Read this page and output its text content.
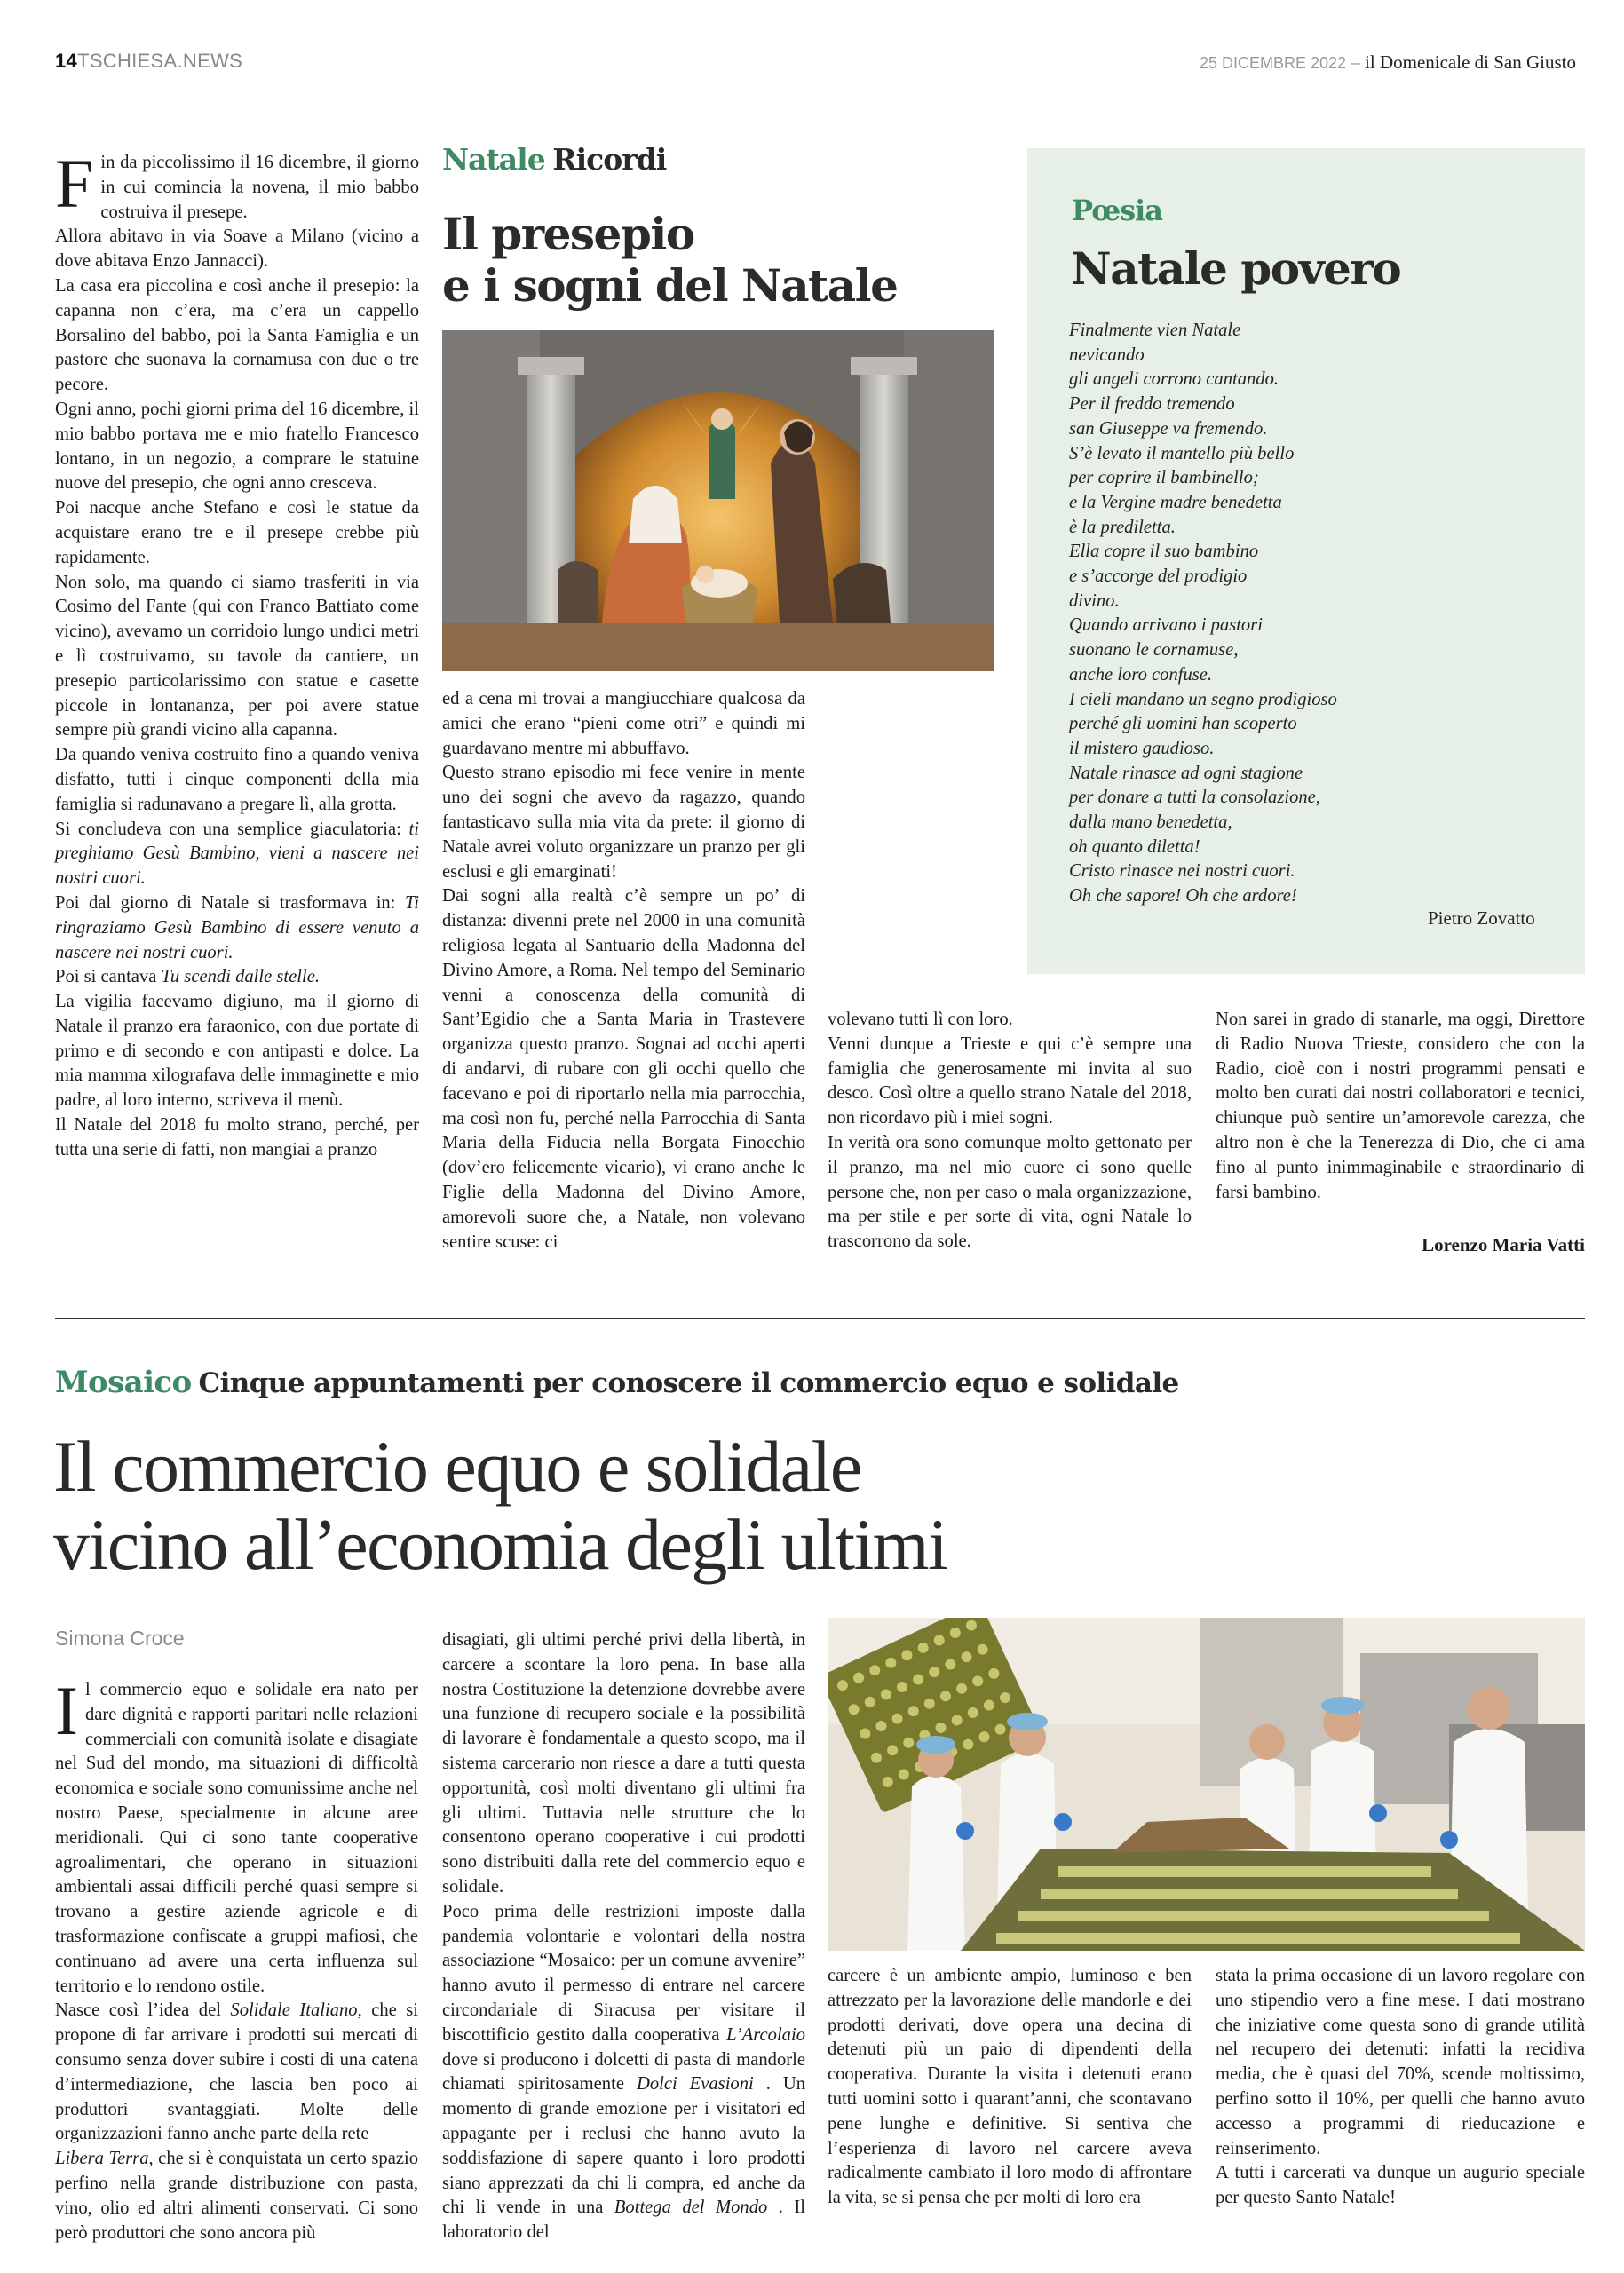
14TSCHIESA.NEWS	25 DICEMBRE 2022 – il Domenicale di San Giusto

Fin da piccolissimo il 16 dicembre, il giorno in cui comincia la novena, il mio babbo costruiva il presepe.

Allora abitavo in via Soave a Milano (vicino a dove abitava Enzo Jannacci).

La casa era piccolina e così anche il presepio: la capanna non c’era, ma c’era un cappello Borsalino del babbo, poi la Santa Famiglia e un pastore che suonava la cornamusa con due o tre pecore.

Ogni anno, pochi giorni prima del 16 dicembre, il mio babbo portava me e mio fratello Francesco lontano, in un negozio, a comprare le statuine nuove del presepio, che ogni anno cresceva.

Poi nacque anche Stefano e così le statue da acquistare erano tre e il presepe crebbe più rapidamente.

Non solo, ma quando ci siamo trasferiti in via Cosimo del Fante (qui con Franco Battiato come vicino), avevamo un corridoio lungo undici metri e lì costruivamo, su tavole da cantiere, un presepio particolarissimo con statue e casette piccole in lontananza, per poi avere statue sempre più grandi vicino alla capanna.

Da quando veniva costruito fino a quando veniva disfatto, tutti i cinque componenti della mia famiglia si radunavano a pregare lì, alla grotta.

Si concludeva con una semplice giaculatoria: ti preghiamo Gesù Bambino, vieni a nascere nei nostri cuori.

Poi dal giorno di Natale si trasformava in: Ti ringraziamo Gesù Bambino di essere venuto a nascere nei nostri cuori.

Poi si cantava Tu scendi dalle stelle.

La vigilia facevamo digiuno, ma il giorno di Natale il pranzo era faraonico, con due portate di primo e di secondo e con antipasti e dolce. La mia mamma xilografava delle immaginette e mio padre, al loro interno, scriveva il menù.

Il Natale del 2018 fu molto strano, perché, per tutta una serie di fatti, non mangiai a pranzo

Natale Ricordi
Il presepio
e i sogni del Natale

ed a cena mi trovai a mangiucchiare qualcosa da amici che erano “pieni come otri” e quindi mi guardavano mentre mi abbuffavo.

Questo strano episodio mi fece venire in mente uno dei sogni che avevo da ragazzo, quando fantasticavo sulla mia vita da prete: il giorno di Natale avrei voluto organizzare un pranzo per gli esclusi e gli emarginati!

Dai sogni alla realtà c’è sempre un po’ di distanza: divenni prete nel 2000 in una comunità religiosa legata al Santuario della Madonna del Divino Amore, a Roma. Nel tempo del Seminario venni a conoscenza della comunità di Sant’Egidio che a Santa Maria in Trastevere organizza questo pranzo. Sognai ad occhi aperti di andarvi, di rubare con gli occhi quello che facevano e poi di riportarlo nella mia parrocchia, ma così non fu, perché nella Parrocchia di Santa Maria della Fiducia nella Borgata Finocchio (dov’ero felicemente vicario), vi erano anche le Figlie della Madonna del Divino Amore, amorevoli suore che, a Natale, non volevano sentire scuse: ci

volevano tutti lì con loro.

Venni dunque a Trieste e qui c’è sempre una famiglia che generosamente mi invita al suo desco. Così oltre a quello strano Natale del 2018, non ricordavo più i miei sogni.

In verità ora sono comunque molto gettonato per il pranzo, ma nel mio cuore ci sono quelle persone che, non per caso o mala organizzazione, ma per stile e per sorte di vita, ogni Natale lo trascorrono da sole.

Non sarei in grado di stanarle, ma oggi, Direttore di Radio Nuova Trieste, considero che con la Radio, cioè con i nostri programmi pensati e molto ben curati dai nostri collaboratori e tecnici, chiunque può sentire un’amorevole carezza, che altro non è che la Tenerezza di Dio, che ci ama fino al punto inimmaginabile e straordinario di farsi bambino.

Lorenzo Maria Vatti
Pœsia
Natale povero
Finalmente vien Natale
nevicando
gli angeli corrono cantando.
Per il freddo tremendo
san Giuseppe va fremendo.
S’è levato il mantello più bello
per coprire il bambinello;
e la Vergine madre benedetta
è la prediletta.
Ella copre il suo bambino
e s’accorge del prodigio
divino.
Quando arrivano i pastori
suonano le cornamuse,
anche loro confuse.
I cieli mandano un segno prodigioso
perché gli uomini han scoperto
il mistero gaudioso.
Natale rinasce ad ogni stagione
per donare a tutti la consolazione,
dalla mano benedetta,
oh quanto diletta!
Cristo rinasce nei nostri cuori.
Oh che sapore! Oh che ardore!
Pietro Zovatto
Mosaico Cinque appuntamenti per conoscere il commercio equo e solidale
Il commercio equo e solidale
vicino all’economia degli ultimi
Simona Croce

Il commercio equo e solidale era nato per dare dignità e rapporti paritari nelle relazioni commerciali con comunità isolate e disagiate nel Sud del mondo, ma situazioni di difficoltà economica e sociale sono comunissime anche nel nostro Paese, specialmente in alcune aree meridionali. Qui ci sono tante cooperative agroalimentari, che operano in situazioni ambientali assai difficili perché quasi sempre si trovano a gestire aziende agricole e di trasformazione confiscate a gruppi mafiosi, che continuano ad avere una certa influenza sul territorio e lo rendono ostile.

Nasce così l’idea del Solidale Italiano, che si propone di far arrivare i prodotti sui mercati di consumo senza dover subire i costi di una catena d’intermediazione, che lascia ben poco ai produttori svantaggiati. Molte delle organizzazioni fanno anche parte della rete

Libera Terra, che si è conquistata un certo spazio perfino nella grande distribuzione con pasta, vino, olio ed altri alimenti conservati. Ci sono però produttori che sono ancora più

disagiati, gli ultimi perché privi della libertà, in carcere a scontare la loro pena. In base alla nostra Costituzione la detenzione dovrebbe avere una funzione di recupero sociale e la possibilità di lavorare è fondamentale a questo scopo, ma il sistema carcerario non riesce a dare a tutti questa opportunità, così molti diventano gli ultimi fra gli ultimi. Tuttavia nelle strutture che lo consentono operano cooperative i cui prodotti sono distribuiti dalla rete del commercio equo e solidale.

Poco prima delle restrizioni imposte dalla pandemia volontarie e volontari della nostra associazione “Mosaico: per un comune avvenire” hanno avuto il permesso di entrare nel carcere circondariale di Siracusa per visitare il biscottificio gestito dalla cooperativa L’Arcolaio dove si producono i dolcetti di pasta di mandorle chiamati spiritosamente Dolci Evasioni . Un momento di grande emozione per i visitatori ed appagante per i reclusi che hanno avuto la soddisfazione di sapere quanto i loro prodotti siano apprezzati da chi li compra, ed anche da chi li vende in una Bottega del Mondo . Il laboratorio del

carcere è un ambiente ampio, luminoso e ben attrezzato per la lavorazione delle mandorle e dei prodotti derivati, dove opera una decina di detenuti più un paio di dipendenti della cooperativa. Durante la visita i detenuti erano tutti uomini sotto i quarant’anni, che scontavano pene lunghe e definitive. Si sentiva che l’esperienza di lavoro nel carcere aveva radicalmente cambiato il loro modo di affrontare la vita, se si pensa che per molti di loro era

stata la prima occasione di un lavoro regolare con uno stipendio vero a fine mese. I dati mostrano che iniziative come questa sono di grande utilità nel recupero dei detenuti: infatti la recidiva media, che è quasi del 70%, scende moltissimo, perfino sotto il 10%, per quelli che hanno avuto accesso a programmi di rieducazione e reinserimento.

A tutti i carcerati va dunque un augurio speciale per questo Santo Natale!
